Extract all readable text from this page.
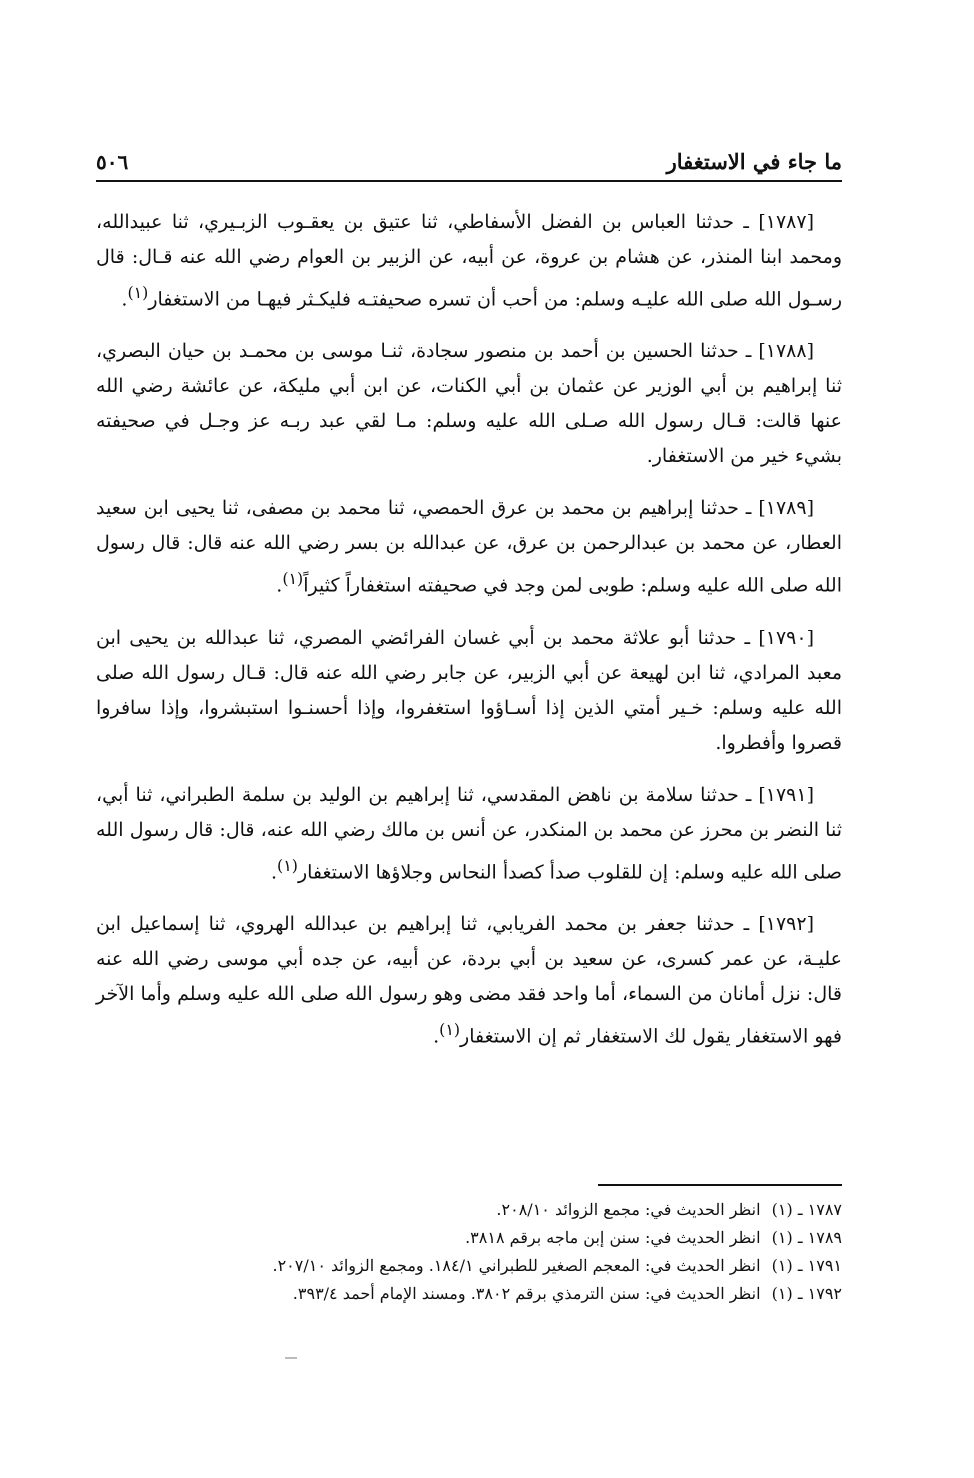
ما جاء في الاستغفار
٥٠٦

[١٧٨٧] ـ حدثنا العباس بن الفضل الأسفاطي، ثنا عتيق بن يعقـوب الزبـيري، ثنا عبيدالله، ومحمد ابنا المنذر، عن هشام بن عروة، عن أبيه، عن الزبير بن العوام رضي الله عنه قـال: قال رسـول الله صلى الله عليـه وسلم: من أحب أن تسره صحيفتـه فليكـثر فيهـا من الاستغفار$^{(١)}$.

[١٧٨٨] ـ حدثنا الحسين بن أحمد بن منصور سجادة، ثنـا موسى بن محمـد بن حيان البصري، ثنا إبراهيم بن أبي الوزير عن عثمان بن أبي الكنات، عن ابن أبي مليكة، عن عائشة رضي الله عنها قالت: قـال رسول الله صـلى الله عليه وسلم: مـا لقي عبد ربـه عز وجـل في صحيفته بشيء خير من الاستغفار.

[١٧٨٩] ـ حدثنا إبراهيم بن محمد بن عرق الحمصي، ثنا محمد بن مصفى، ثنا يحيى ابن سعيد العطار، عن محمد بن عبدالرحمن بن عرق، عن عبدالله بن بسر رضي الله عنه قال: قال رسول الله صلى الله عليه وسلم: طوبى لمن وجد في صحيفته استغفاراً كثيراً$^{(١)}$.

[١٧٩٠] ـ حدثنا أبو علاثة محمد بن أبي غسان الفرائضي المصري، ثنا عبدالله بن يحيى ابن معبد المرادي، ثنا ابن لهيعة عن أبي الزبير، عن جابر رضي الله عنه قال: قـال رسول الله صلى الله عليه وسلم: خـير أمتي الذين إذا أسـاؤوا استغفروا، وإذا أحسنـوا استبشروا، وإذا سافروا قصروا وأفطروا.

[١٧٩١] ـ حدثنا سلامة بن ناهض المقدسي، ثنا إبراهيم بن الوليد بن سلمة الطبراني، ثنا أبي، ثنا النضر بن محرز عن محمد بن المنكدر، عن أنس بن مالك رضي الله عنه، قال: قال رسول الله صلى الله عليه وسلم: إن للقلوب صدأ كصدأ النحاس وجلاؤها الاستغفار$^{(١)}$.

[١٧٩٢] ـ حدثنا جعفر بن محمد الفريابي، ثنا إبراهيم بن عبدالله الهروي، ثنا إسماعيل ابن عليـة، عن عمر كسرى، عن سعيد بن أبي بردة، عن أبيه، عن جده أبي موسى رضي الله عنه قال: نزل أمانان من السماء، أما واحد فقد مضى وهو رسول الله صلى الله عليه وسلم وأما الآخر فهو الاستغفار يقول لك الاستغفار ثم إن الاستغفار$^{(١)}$.

١٧٨٧ ـ (١) انظر الحديث في: مجمع الزوائد ٢٠٨/١٠.

١٧٨٩ ـ (١) انظر الحديث في: سنن إبن ماجه برقم ٣٨١٨.

١٧٩١ ـ (١) انظر الحديث في: المعجم الصغير للطبراني ١٨٤/١. ومجمع الزوائد ٢٠٧/١٠.

١٧٩٢ ـ (١) انظر الحديث في: سنن الترمذي برقم ٣٨٠٢. ومسند الإمام أحمد ٣٩٣/٤.
